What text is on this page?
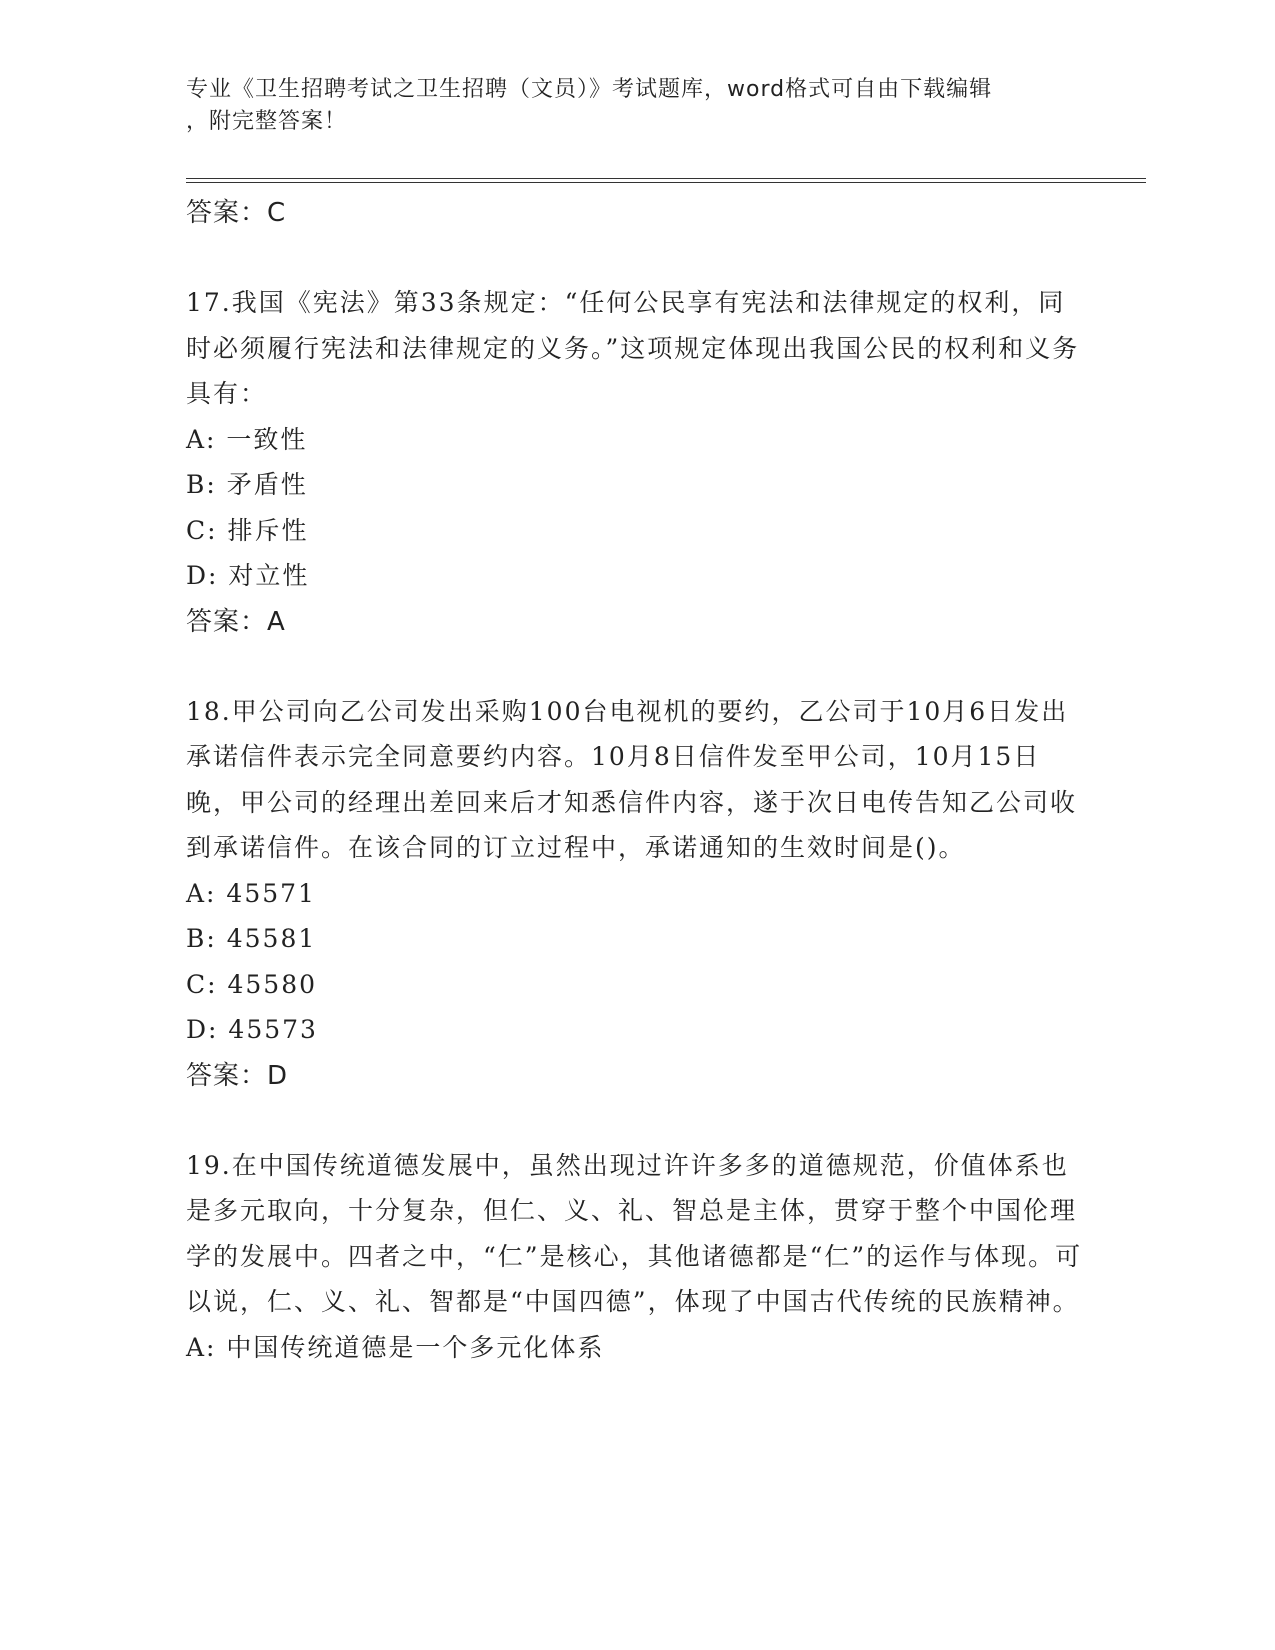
专业《卫生招聘考试之卫生招聘（文员）》考试题库，word格式可自由下载编辑
，附完整答案！
答案：C
17.我国《宪法》第33条规定：“任何公民享有宪法和法律规定的权利，同时必须履行宪法和法律规定的义务。”这项规定体现出我国公民的权利和义务具有：
A: 一致性
B: 矛盾性
C: 排斥性
D: 对立性
答案：A
18.甲公司向乙公司发出采购100台电视机的要约，乙公司于10月6日发出承诺信件表示完全同意要约内容。10月8日信件发至甲公司，10月15日晚，甲公司的经理出差回来后才知悉信件内容，遂于次日电传告知乙公司收到承诺信件。在该合同的订立过程中，承诺通知的生效时间是()。
A: 45571
B: 45581
C: 45580
D: 45573
答案：D
19.在中国传统道德发展中，虽然出现过许许多多的道德规范，价值体系也是多元取向，十分复杂，但仁、义、礼、智总是主体，贯穿于整个中国伦理学的发展中。四者之中，“仁”是核心，其他诸德都是“仁”的运作与体现。可以说，仁、义、礼、智都是“中国四德”，体现了中国古代传统的民族精神。
A: 中国传统道德是一个多元化体系
